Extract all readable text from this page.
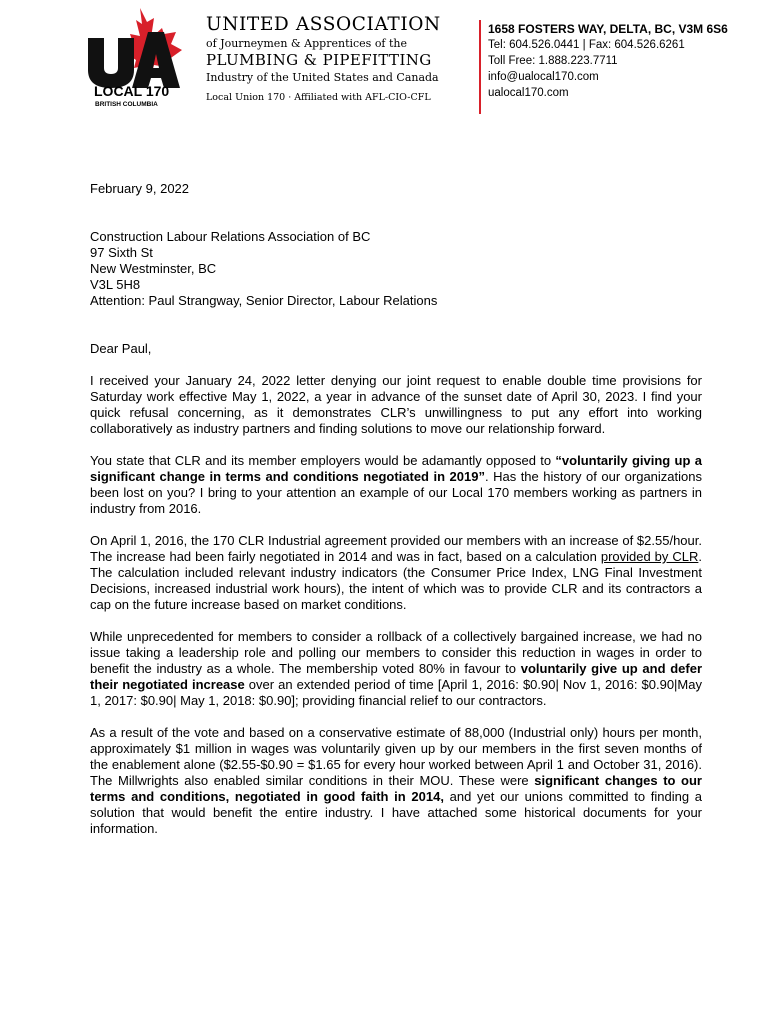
LOCAL 170
BRITISH COLUMBIA
UNITED ASSOCIATION
of Journeymen & Apprentices of the
PLUMBING & PIPEFITTING
Industry of the United States and Canada
Local Union 170 · Affiliated with AFL-CIO-CFL
1658 FOSTERS WAY, DELTA, BC, V3M 6S6
Tel: 604.526.0441 | Fax: 604.526.6261
Toll Free: 1.888.223.7711
info@ualocal170.com
ualocal170.com
February 9, 2022
Construction Labour Relations Association of BC
97 Sixth St
New Westminster, BC
V3L 5H8
Attention: Paul Strangway, Senior Director, Labour Relations
Dear Paul,

I received your January 24, 2022 letter denying our joint request to enable double time provisions for Saturday work effective May 1, 2022, a year in advance of the sunset date of April 30, 2023. I find your quick refusal concerning, as it demonstrates CLR’s unwillingness to put any effort into working collaboratively as industry partners and finding solutions to move our relationship forward.

You state that CLR and its member employers would be adamantly opposed to “voluntarily giving up a significant change in terms and conditions negotiated in 2019”. Has the history of our organizations been lost on you? I bring to your attention an example of our Local 170 members working as partners in industry from 2016.

On April 1, 2016, the 170 CLR Industrial agreement provided our members with an increase of $2.55/hour. The increase had been fairly negotiated in 2014 and was in fact, based on a calculation provided by CLR. The calculation included relevant industry indicators (the Consumer Price Index, LNG Final Investment Decisions, increased industrial work hours), the intent of which was to provide CLR and its contractors a cap on the future increase based on market conditions.

While unprecedented for members to consider a rollback of a collectively bargained increase, we had no issue taking a leadership role and polling our members to consider this reduction in wages in order to benefit the industry as a whole. The membership voted 80% in favour to voluntarily give up and defer their negotiated increase over an extended period of time [April 1, 2016: $0.90| Nov 1, 2016: $0.90|May 1, 2017: $0.90| May 1, 2018: $0.90]; providing financial relief to our contractors.

As a result of the vote and based on a conservative estimate of 88,000 (Industrial only) hours per month, approximately $1 million in wages was voluntarily given up by our members in the first seven months of the enablement alone ($2.55-$0.90 = $1.65 for every hour worked between April 1 and October 31, 2016). The Millwrights also enabled similar conditions in their MOU. These were significant changes to our terms and conditions, negotiated in good faith in 2014, and yet our unions committed to finding a solution that would benefit the entire industry. I have attached some historical documents for your information.
